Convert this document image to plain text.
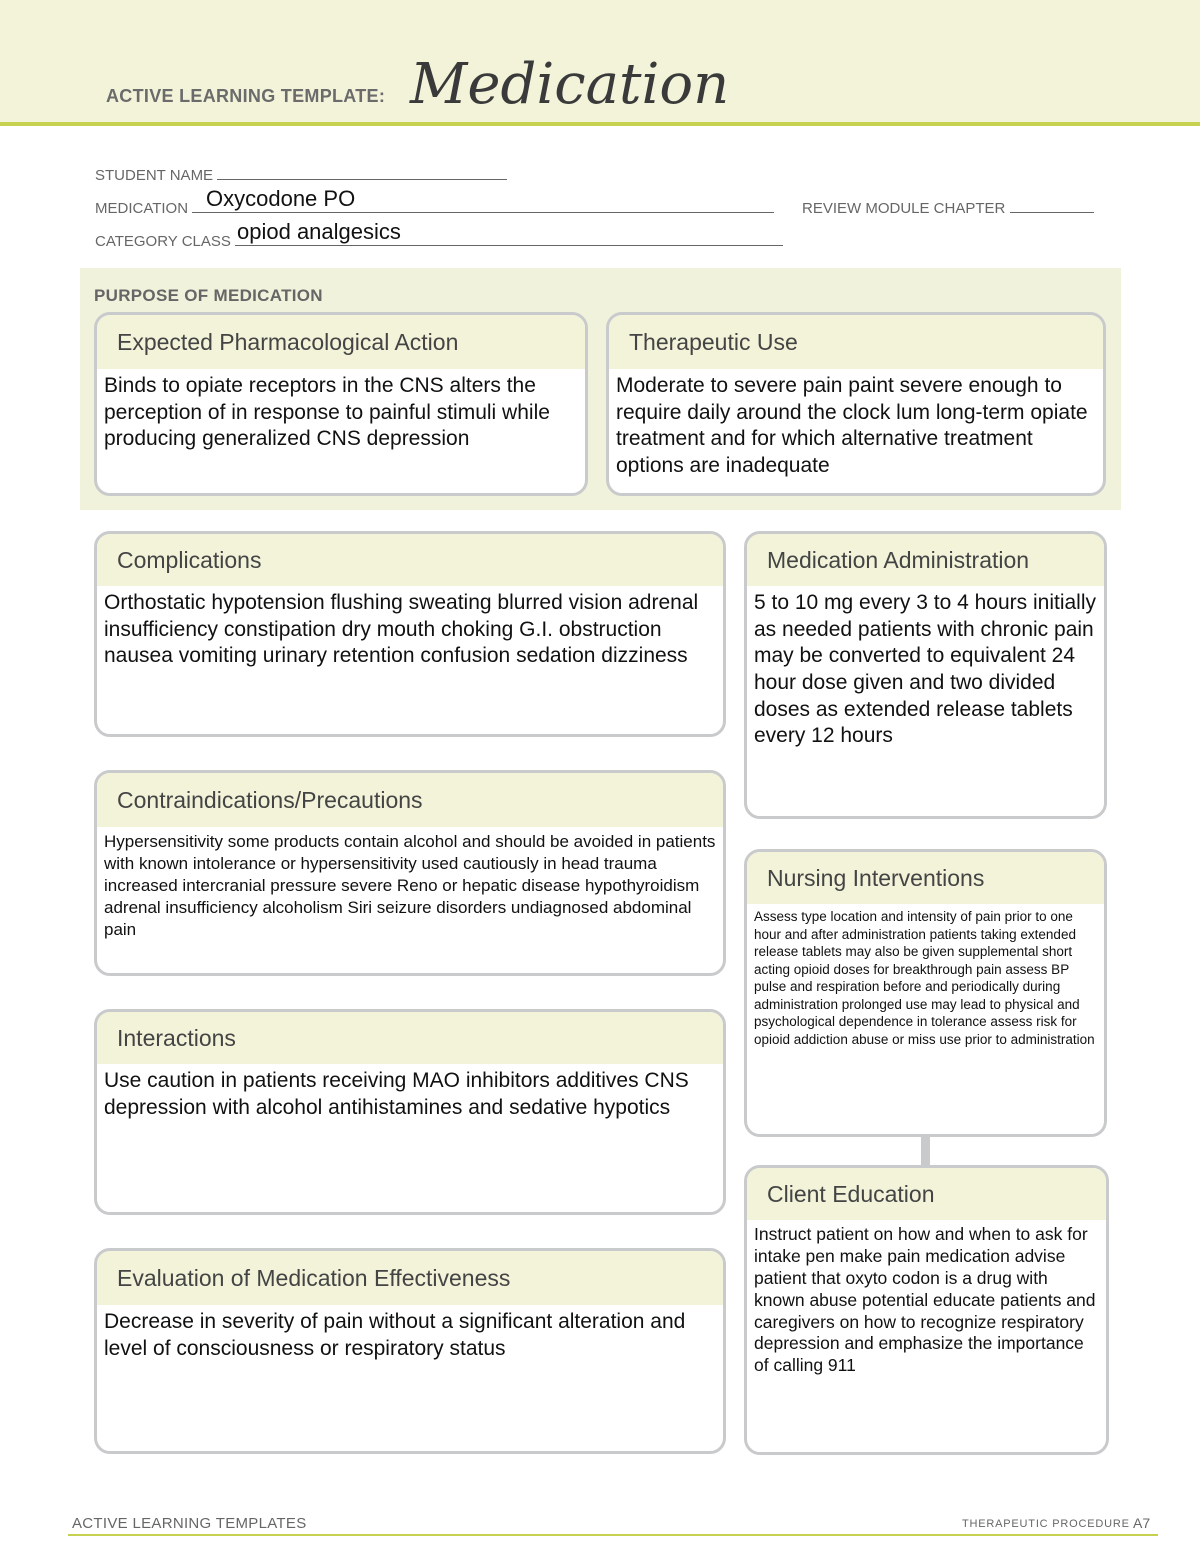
ACTIVE LEARNING TEMPLATE: Medication
STUDENT NAME
MEDICATION Oxycodone PO	REVIEW MODULE CHAPTER
CATEGORY CLASS opiod analgesics
PURPOSE OF MEDICATION
Expected Pharmacological Action
Binds to opiate receptors in the CNS alters the perception of in response to painful stimuli while producing generalized CNS depression
Therapeutic Use
Moderate to severe pain paint severe enough to require daily around the clock lum long-term opiate treatment and for which alternative treatment options are inadequate
Complications
Orthostatic hypotension flushing sweating blurred vision adrenal insufficiency constipation dry mouth choking G.I. obstruction nausea vomiting urinary retention confusion sedation dizziness
Contraindications/Precautions
Hypersensitivity some products contain alcohol and should be avoided in patients with known intolerance or hypersensitivity used cautiously in head trauma increased intercranial pressure severe Reno or hepatic disease hypothyroidism adrenal insufficiency alcoholism Siri seizure disorders undiagnosed abdominal pain
Interactions
Use caution in patients receiving MAO inhibitors additives CNS depression with alcohol antihistamines and sedative hypotics
Evaluation of Medication Effectiveness
Decrease in severity of pain without a significant alteration and level of consciousness or respiratory status
Medication Administration
5 to 10 mg every 3 to 4 hours initially as needed patients with chronic pain may be converted to equivalent 24 hour dose given and two divided doses as extended release tablets every 12 hours
Nursing Interventions
Assess type location and intensity of pain prior to one hour and after administration patients taking extended release tablets may also be given supplemental short acting opioid doses for breakthrough pain assess BP pulse and respiration before and periodically during administration prolonged use may lead to physical and psychological dependence in tolerance assess risk for opioid addiction abuse or miss use prior to administration
Client Education
Instruct patient on how and when to ask for intake pen make pain medication advise patient that oxyto codon is a drug with known abuse potential educate patients and caregivers on how to recognize respiratory depression and emphasize the importance of calling 911
ACTIVE LEARNING TEMPLATES	THERAPEUTIC PROCEDURE A7
